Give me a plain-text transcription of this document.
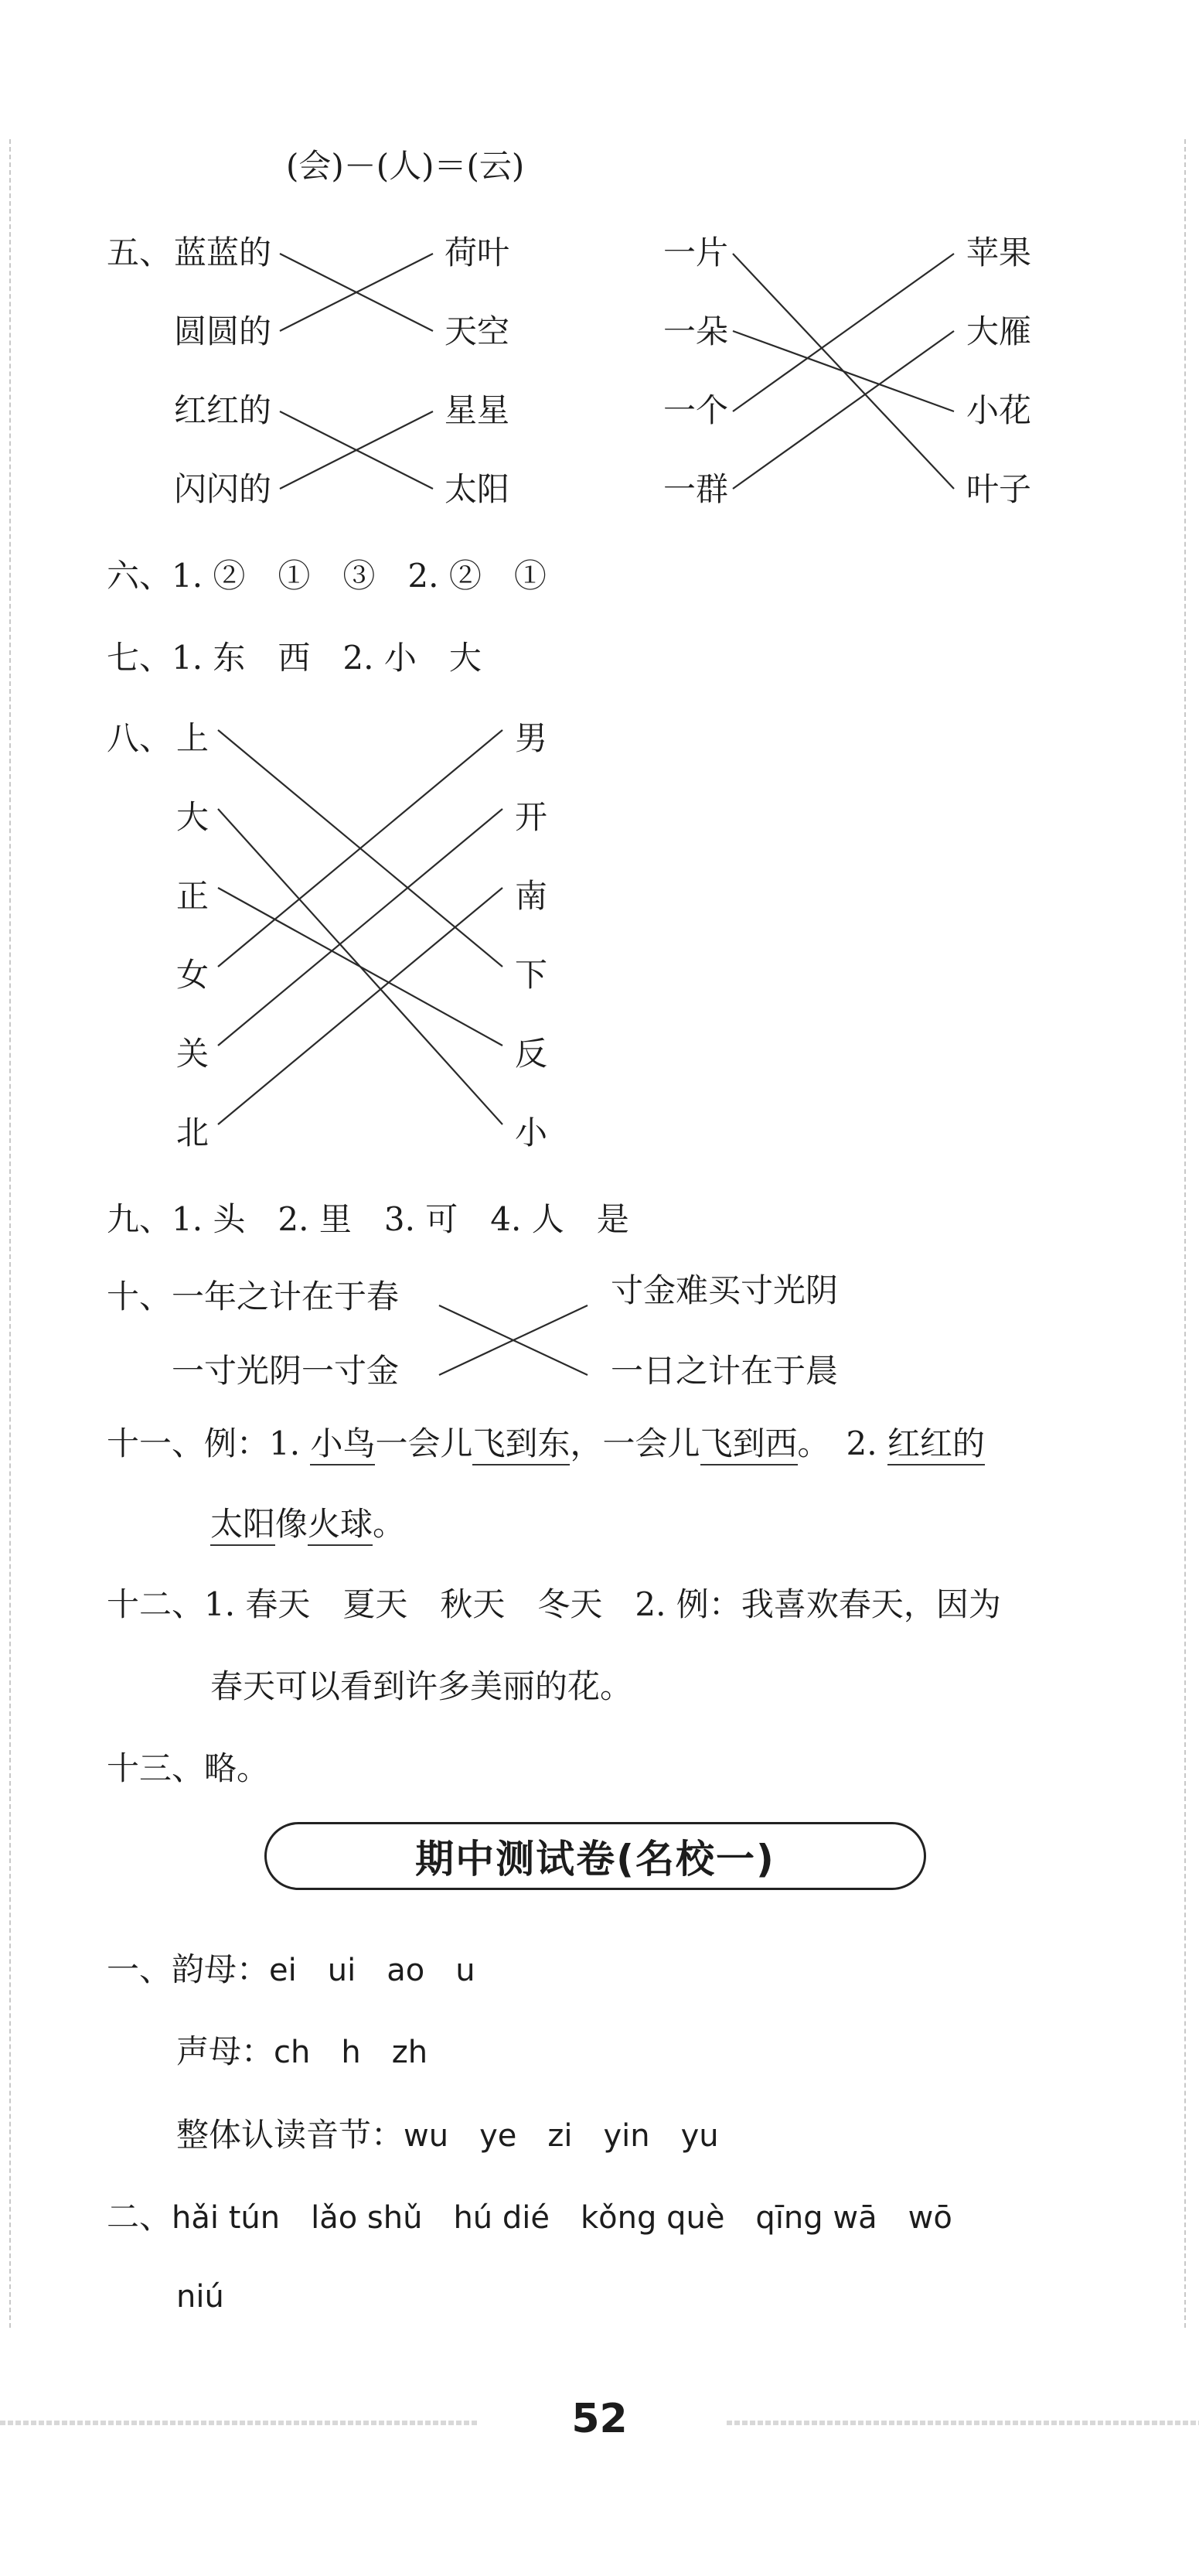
(会)－(人)＝(云)
五、 蓝蓝的
圆圆的
红红的
闪闪的
荷叶
天空
星星
太阳
一片
一朵
一个
一群
苹果
大雁
小花
叶子
六、1. ②　①　③　2. ②　①
七、1. 东　西　2. 小　大
八、 上
大
正
女
关
北
男
开
南
下
反
小
九、1. 头　2. 里　3. 可　4. 人　是
十、 一年之计在于春
一寸光阴一寸金
寸金难买寸光阴
一日之计在于晨
十一、例：1. 小鸟一会儿飞到东，一会儿飞到西。　2. 红红的
太阳像火球。
十二、1. 春天　夏天　秋天　冬天　2. 例：我喜欢春天，因为
春天可以看到许多美丽的花。
十三、略。
期中测试卷(名校一)
一、韵母：ei　ui　ao　u
声母：ch　h　zh
整体认读音节：wu　ye　zi　yin　yu
二、hǎi tún　lǎo shǔ　hú dié　kǒng què　qīng wā　wō
niú
52
